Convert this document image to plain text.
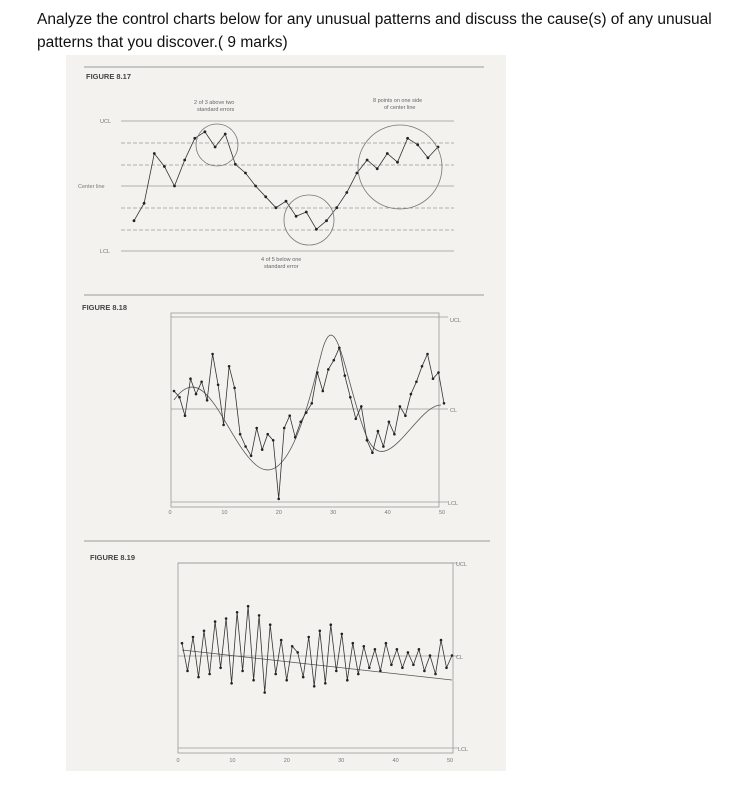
Analyze the control charts below for any unusual patterns and discuss the cause(s) of any unusual
patterns that you discover.( 9 marks)

FIGURE 8.17
UCL
Center line
LCL
2 of 3 above two
standard errors
8 points on one side
of center line
4 of 5 below one
standard error
FIGURE 8.18
UCL
CL
LCL
0	10	20	30	40	50
FIGURE 8.19
UCL
CL
LCL
0	10	20	30	40	50
